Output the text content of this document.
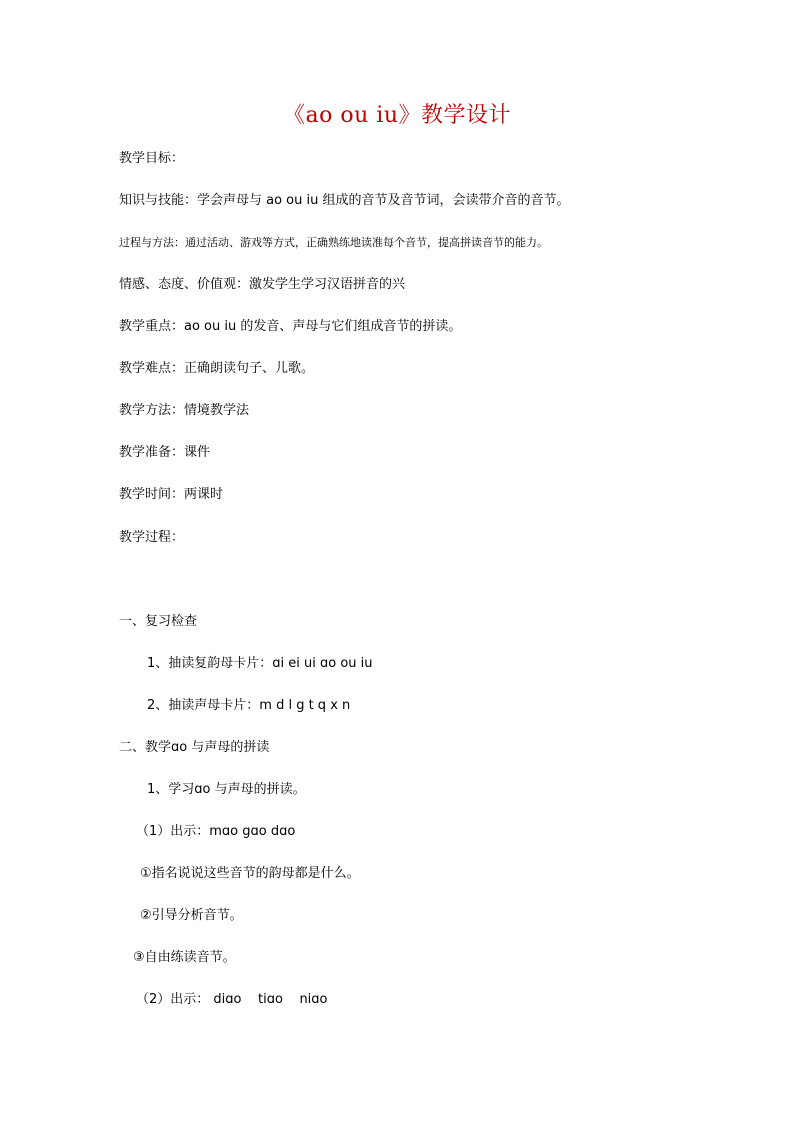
《ao ou iu》教学设计
教学目标：
知识与技能：学会声母与 ao ou iu 组成的音节及音节词，会读带介音的音节。
过程与方法：通过活动、游戏等方式，正确熟练地读准每个音节，提高拼读音节的能力。
情感、态度、价值观：激发学生学习汉语拼音的兴
教学重点：ao ou iu 的发音、声母与它们组成音节的拼读。
教学难点：正确朗读句子、儿歌。
教学方法：情境教学法
教学准备：课件
教学时间：两课时
教学过程：
一、复习检查
1、抽读复韵母卡片：ɑi ei ui ɑo ou iu
2、抽读声母卡片：m d l g t q x n
二、教学ɑo 与声母的拼读
1、学习ɑo 与声母的拼读。
（1）出示：mɑo gɑo dɑo
①指名说说这些音节的韵母都是什么。
②引导分析音节。
③自由练读音节。
（2）出示： diɑo    tiɑo    niɑo
